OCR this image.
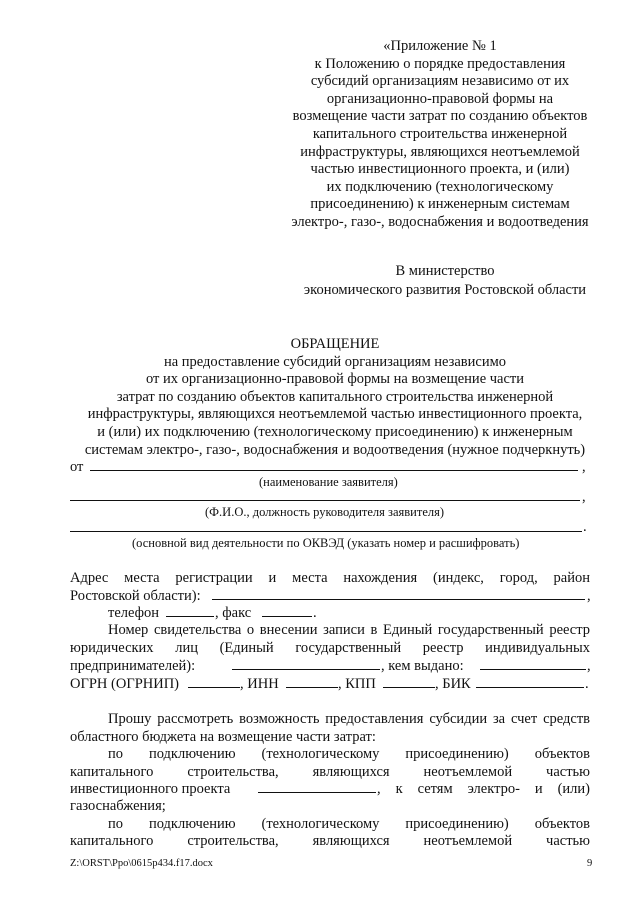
«Приложение № 1
к Положению о порядке предоставления
субсидий организациям независимо от их
организационно-правовой формы на
возмещение части затрат по созданию объектов
капитального строительства инженерной
инфраструктуры, являющихся неотъемлемой
частью инвестиционного проекта, и (или)
их подключению (технологическому
присоединению) к инженерным системам
электро-, газо-, водоснабжения и водоотведения
В министерство
экономического развития Ростовской области
ОБРАЩЕНИЕ
на предоставление субсидий организациям независимо
от их организационно-правовой формы на возмещение части
затрат по созданию объектов капитального строительства инженерной
инфраструктуры, являющихся неотъемлемой частью инвестиционного проекта,
и (или) их подключению (технологическому присоединению) к инженерным
системам электро-, газо-, водоснабжения и водоотведения (нужное подчеркнуть)
от	,
(наименование заявителя)
,
(Ф.И.О., должность руководителя заявителя)
.
(основной вид деятельности по ОКВЭД (указать номер и расшифровать)
Адрес места регистрации и места нахождения (индекс, город, район
Ростовской области):	,
телефон	, факс	.
Номер свидетельства о внесении записи в Единый государственный реестр
юридических лиц (Единый государственный реестр индивидуальных
предпринимателей):	, кем выдано:	,
ОГРН (ОГРНИП)	, ИНН	, КПП	, БИК	.
Прошу рассмотреть возможность предоставления субсидии за счет средств
областного бюджета на возмещение части затрат:
по подключению (технологическому присоединению) объектов
капитального строительства, являющихся неотъемлемой частью
инвестиционного проекта	, к сетям электро- и (или)
газоснабжения;
по подключению (технологическому присоединению) объектов
капитального строительства, являющихся неотъемлемой частью
Z:\ORST\Ppo\0615p434.f17.docx	9
